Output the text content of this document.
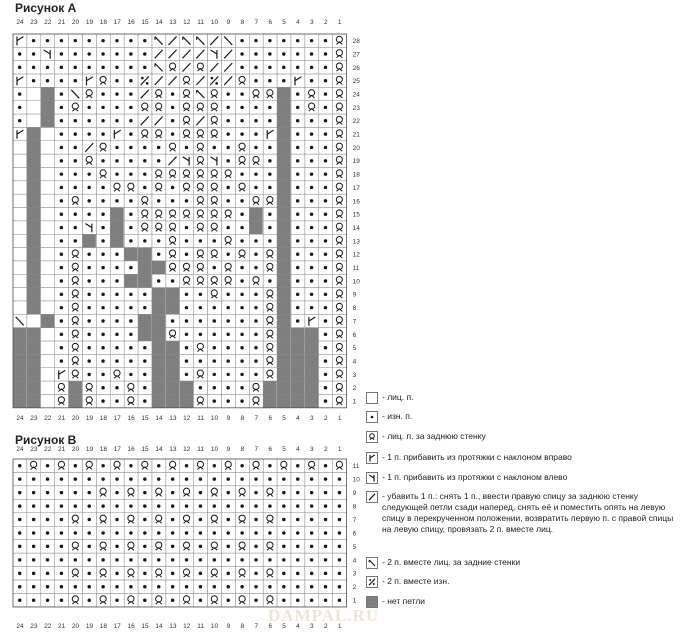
Рисунок A
24
24
23
23
22
22
21
21
20
20
19
19
18
18
17
17
16
16
15
15
14
14
13
13
12
12
11
11
10
10
9
9
8
8
7
7
6
6
5
5
4
4
3
3
2
2
1
1
28
27
26
25
24
23
22
21
20
19
18
17
16
15
14
13
12
11
10
9
8
7
6
5
4
3
2
1
Рисунок B
24
24
23
23
22
22
21
21
20
20
19
19
18
18
17
17
16
16
15
15
14
14
13
13
12
12
11
11
10
10
9
9
8
8
7
7
6
6
5
5
4
4
3
3
2
2
1
1
11
10
9
8
7
6
5
4
3
2
1
- лиц. п.
- изн. п.
- лиц. п. за заднюю стенку
- 1 п. прибавить из протяжки с наклоном вправо
- 1 п. прибавить из протяжки с наклоном влево
- убавить 1 п.: снять 1 п., ввести правую спицу за заднюю стенку следующей петли сзади наперед, снять её и поместить опять на левую спицу в перекрученном положении, возвратить первую п. с правой спицы на левую спицу, провязать 2 п. вместе лиц.
- 2 п. вместе лиц. за задние стенки
- 2 п. вместе изн.
- нет петли
DAMPAL.RU
